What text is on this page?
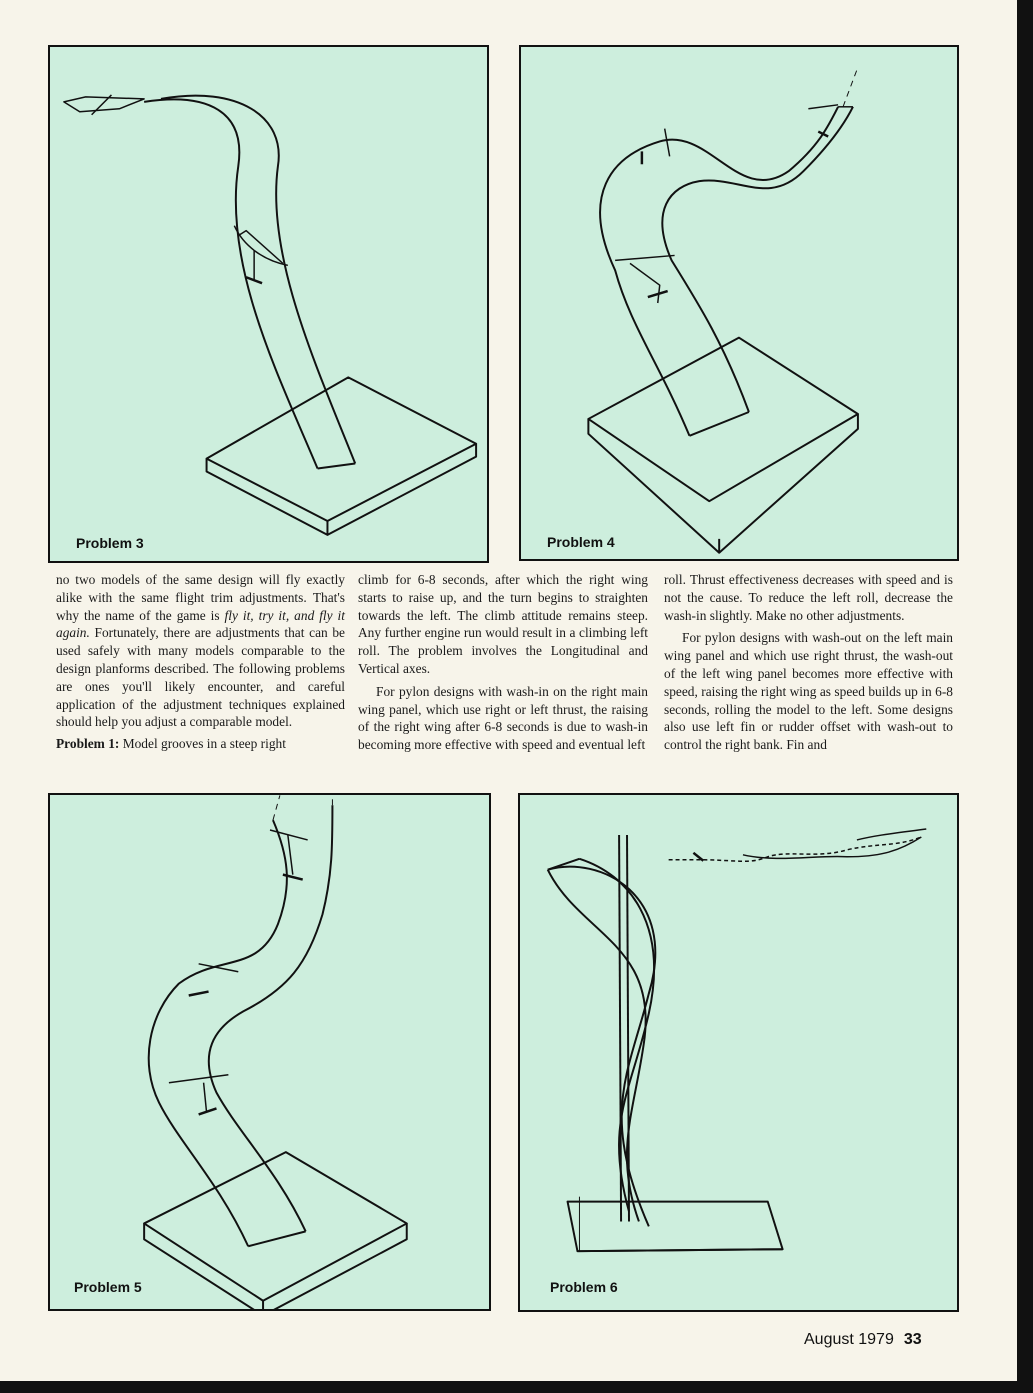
Problem 3	Problem 4

no two models of the same design will fly exactly alike with the same flight trim adjustments. That's why the name of the game is fly it, try it, and fly it again. Fortunately, there are adjustments that can be used safely with many models comparable to the design planforms described. The following problems are ones you'll likely encounter, and careful application of the adjustment techniques explained should help you adjust a comparable model.

Problem 1: Model grooves in a steep right

climb for 6-8 seconds, after which the right wing starts to raise up, and the turn begins to straighten towards the left. The climb attitude remains steep. Any further engine run would result in a climbing left roll. The problem involves the Longitudinal and Vertical axes.

For pylon designs with wash-in on the right main wing panel, which use right or left thrust, the raising of the right wing after 6-8 seconds is due to wash-in becoming more effective with speed and eventual left

roll. Thrust effectiveness decreases with speed and is not the cause. To reduce the left roll, decrease the wash-in slightly. Make no other adjustments.

For pylon designs with wash-out on the left main wing panel and which use right thrust, the wash-out of the left wing panel becomes more effective with speed, raising the right wing as speed builds up in 6-8 seconds, rolling the model to the left. Some designs also use left fin or rudder offset with wash-out to control the right bank. Fin and

Problem 5	Problem 6
August 1979 33
